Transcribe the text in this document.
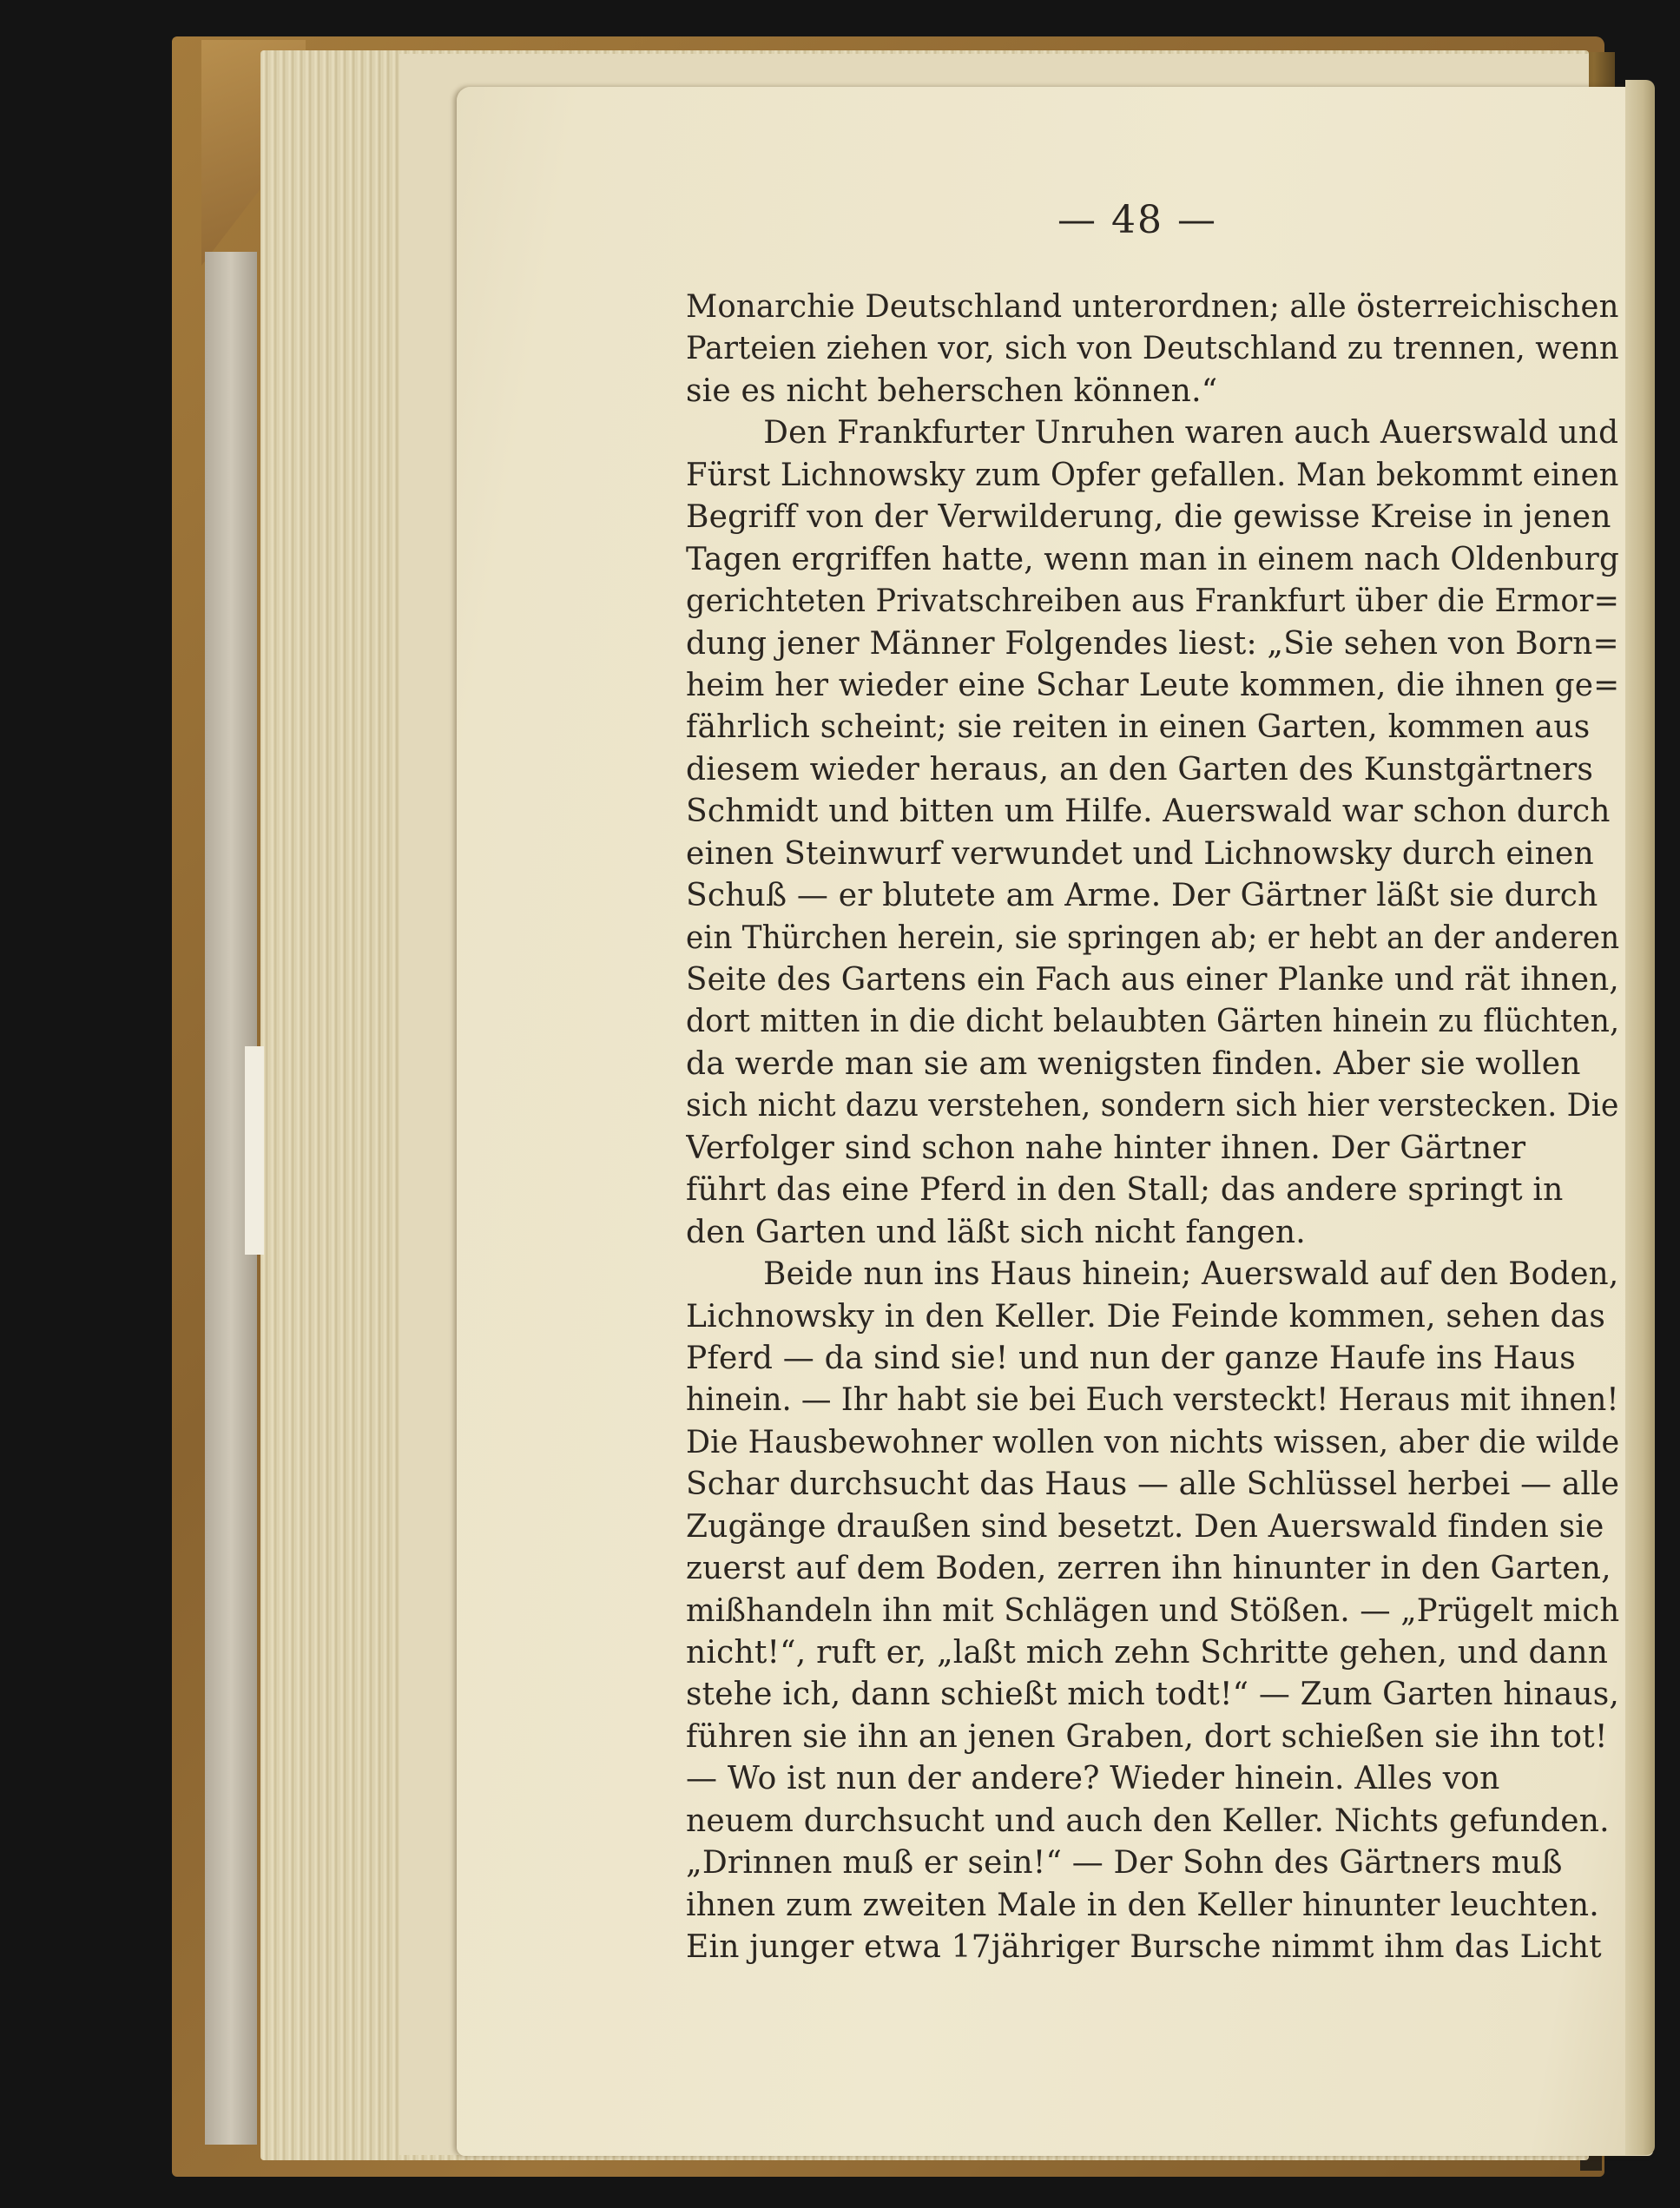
— 48 —
Monarchie Deutschland unterordnen; alle österreichischen
Parteien ziehen vor, sich von Deutschland zu trennen, wenn
sie es nicht beherschen können.“
Den Frankfurter Unruhen waren auch Auerswald und
Fürst Lichnowsky zum Opfer gefallen. Man bekommt einen
Begriff von der Verwilderung, die gewisse Kreise in jenen
Tagen ergriffen hatte, wenn man in einem nach Oldenburg
gerichteten Privatschreiben aus Frankfurt über die Ermor=
dung jener Männer Folgendes liest: „Sie sehen von Born=
heim her wieder eine Schar Leute kommen, die ihnen ge=
fährlich scheint; sie reiten in einen Garten, kommen aus
diesem wieder heraus, an den Garten des Kunstgärtners
Schmidt und bitten um Hilfe. Auerswald war schon durch
einen Steinwurf verwundet und Lichnowsky durch einen
Schuß — er blutete am Arme. Der Gärtner läßt sie durch
ein Thürchen herein, sie springen ab; er hebt an der anderen
Seite des Gartens ein Fach aus einer Planke und rät ihnen,
dort mitten in die dicht belaubten Gärten hinein zu flüchten,
da werde man sie am wenigsten finden. Aber sie wollen
sich nicht dazu verstehen, sondern sich hier verstecken. Die
Verfolger sind schon nahe hinter ihnen. Der Gärtner
führt das eine Pferd in den Stall; das andere springt in
den Garten und läßt sich nicht fangen.
Beide nun ins Haus hinein; Auerswald auf den Boden,
Lichnowsky in den Keller. Die Feinde kommen, sehen das
Pferd — da sind sie! und nun der ganze Haufe ins Haus
hinein. — Ihr habt sie bei Euch versteckt! Heraus mit ihnen!
Die Hausbewohner wollen von nichts wissen, aber die wilde
Schar durchsucht das Haus — alle Schlüssel herbei — alle
Zugänge draußen sind besetzt. Den Auerswald finden sie
zuerst auf dem Boden, zerren ihn hinunter in den Garten,
mißhandeln ihn mit Schlägen und Stößen. — „Prügelt mich
nicht!“, ruft er, „laßt mich zehn Schritte gehen, und dann
stehe ich, dann schießt mich todt!“ — Zum Garten hinaus,
führen sie ihn an jenen Graben, dort schießen sie ihn tot!
— Wo ist nun der andere? Wieder hinein. Alles von
neuem durchsucht und auch den Keller. Nichts gefunden.
„Drinnen muß er sein!“ — Der Sohn des Gärtners muß
ihnen zum zweiten Male in den Keller hinunter leuchten.
Ein junger etwa 17jähriger Bursche nimmt ihm das Licht
